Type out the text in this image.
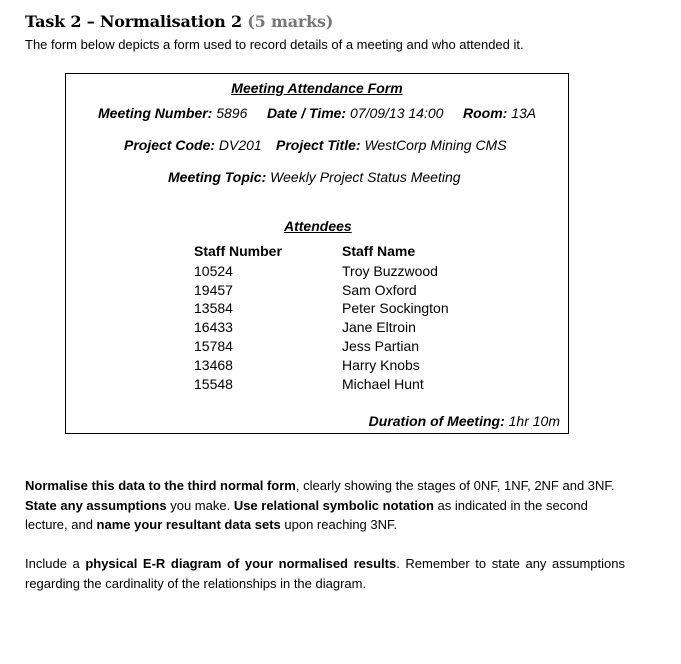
Task 2 – Normalisation 2 (5 marks)
The form below depicts a form used to record details of a meeting and who attended it.
Meeting Attendance Form
Meeting Number: 5896 Date / Time: 07/09/13 14:00 Room: 13A
Project Code: DV201 Project Title: WestCorp Mining CMS
Meeting Topic: Weekly Project Status Meeting
Attendees
Staff Number
10524
19457
13584
16433
15784
13468
15548
Staff Name
Troy Buzzwood
Sam Oxford
Peter Sockington
Jane Eltroin
Jess Partian
Harry Knobs
Michael Hunt
Duration of Meeting: 1hr 10m
Normalise this data to the third normal form, clearly showing the stages of 0NF, 1NF, 2NF and 3NF. State any assumptions you make. Use relational symbolic notation as indicated in the second lecture, and name your resultant data sets upon reaching 3NF.
Include a physical E-R diagram of your normalised results. Remember to state any assumptions regarding the cardinality of the relationships in the diagram.
